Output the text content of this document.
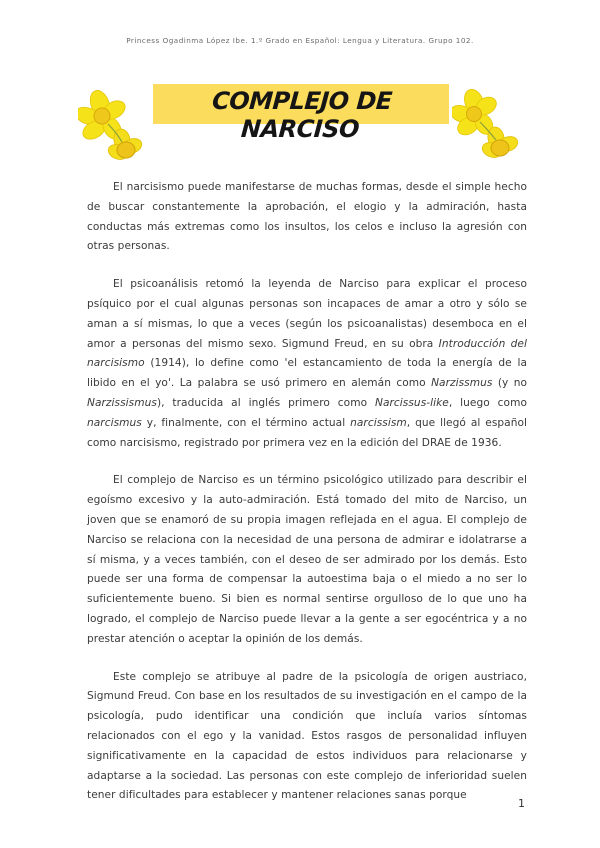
Princess Ogadinma López Ibe. 1.º Grado en Español: Lengua y Literatura. Grupo 102.
COMPLEJO DE NARCISO

El narcisismo puede manifestarse de muchas formas, desde el simple hecho de buscar constantemente la aprobación, el elogio y la admiración, hasta conductas más extremas como los insultos, los celos e incluso la agresión con otras personas.

El psicoanálisis retomó la leyenda de Narciso para explicar el proceso psíquico por el cual algunas personas son incapaces de amar a otro y sólo se aman a sí mismas, lo que a veces (según los psicoanalistas) desemboca en el amor a personas del mismo sexo. Sigmund Freud, en su obra Introducción del narcisismo (1914), lo define como 'el estancamiento de toda la energía de la libido en el yo'. La palabra se usó primero en alemán como Narzissmus (y no Narzissismus), traducida al inglés primero como Narcissus-like, luego como narcismus y, finalmente, con el término actual narcissism, que llegó al español como narcisismo, registrado por primera vez en la edición del DRAE de 1936.

El complejo de Narciso es un término psicológico utilizado para describir el egoísmo excesivo y la auto-admiración. Está tomado del mito de Narciso, un joven que se enamoró de su propia imagen reflejada en el agua. El complejo de Narciso se relaciona con la necesidad de una persona de admirar e idolatrarse a sí misma, y a veces también, con el deseo de ser admirado por los demás. Esto puede ser una forma de compensar la autoestima baja o el miedo a no ser lo suficientemente bueno. Si bien es normal sentirse orgulloso de lo que uno ha logrado, el complejo de Narciso puede llevar a la gente a ser egocéntrica y a no prestar atención o aceptar la opinión de los demás.

Este complejo se atribuye al padre de la psicología de origen austriaco, Sigmund Freud. Con base en los resultados de su investigación en el campo de la psicología, pudo identificar una condición que incluía varios síntomas relacionados con el ego y la vanidad. Estos rasgos de personalidad influyen significativamente en la capacidad de estos individuos para relacionarse y adaptarse a la sociedad. Las personas con este complejo de inferioridad suelen tener dificultades para establecer y mantener relaciones sanas porque

1
